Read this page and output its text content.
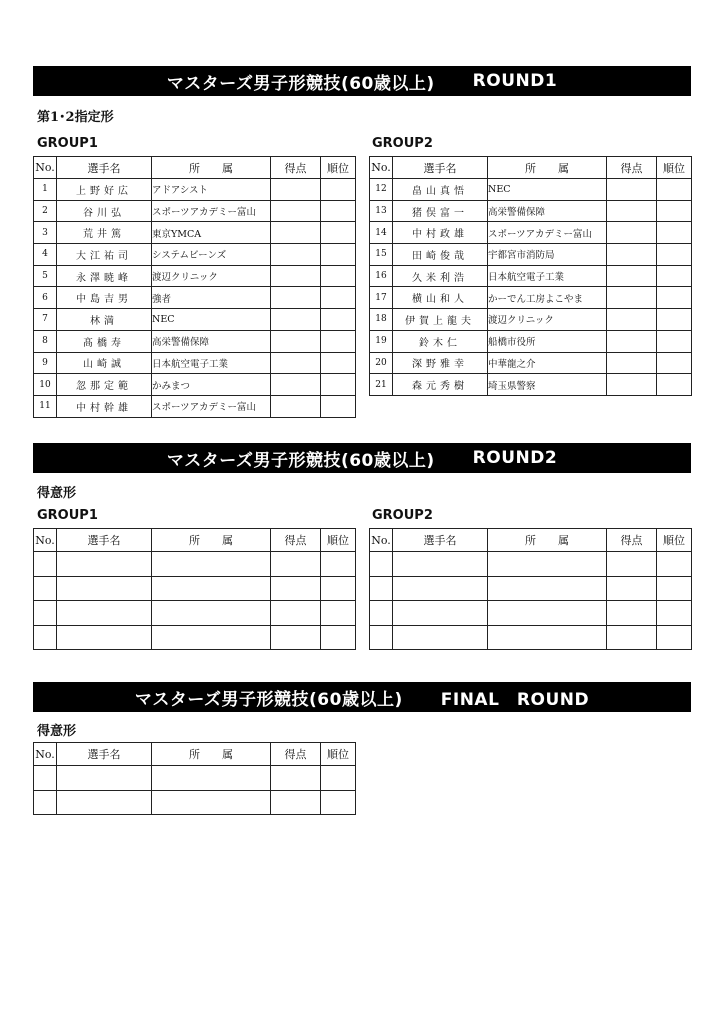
マスターズ男子形競技(60歳以上) ROUND1
第1･2指定形
GROUP1	GROUP2
No.	選手名	所　　属	得点	順位
1	上野好広	アドアシスト		
2	谷川弘	スポーツアカデミー富山		
3	荒井篤	東京YMCA		
4	大江祐司	システムビーンズ		
5	永澤暁峰	渡辺クリニック		
6	中島吉男	強者		
7	林満	NEC		
8	髙橋寿	高栄警備保障		
9	山崎誠	日本航空電子工業		
10	忽那定範	かみまつ		
11	中村幹雄	スポーツアカデミー富山		
No.	選手名	所　　属	得点	順位
12	畠山真悟	NEC		
13	猪俣富一	高栄警備保障		
14	中村政雄	スポーツアカデミー富山		
15	田崎俊哉	宇都宮市消防局		
16	久米利浩	日本航空電子工業		
17	横山和人	かーでん工房よこやま		
18	伊賀上龍夫	渡辺クリニック		
19	鈴木仁	船橋市役所		
20	深野雅幸	中華龍之介		
21	森元秀樹	埼玉県警察		
マスターズ男子形競技(60歳以上) ROUND2
得意形
GROUP1	GROUP2
No.	選手名	所　　属	得点	順位

				No.	選手名	所　　属	得点	順位

マスターズ男子形競技(60歳以上) FINAL　ROUND
得意形
No.	選手名	所　　属	得点	順位
